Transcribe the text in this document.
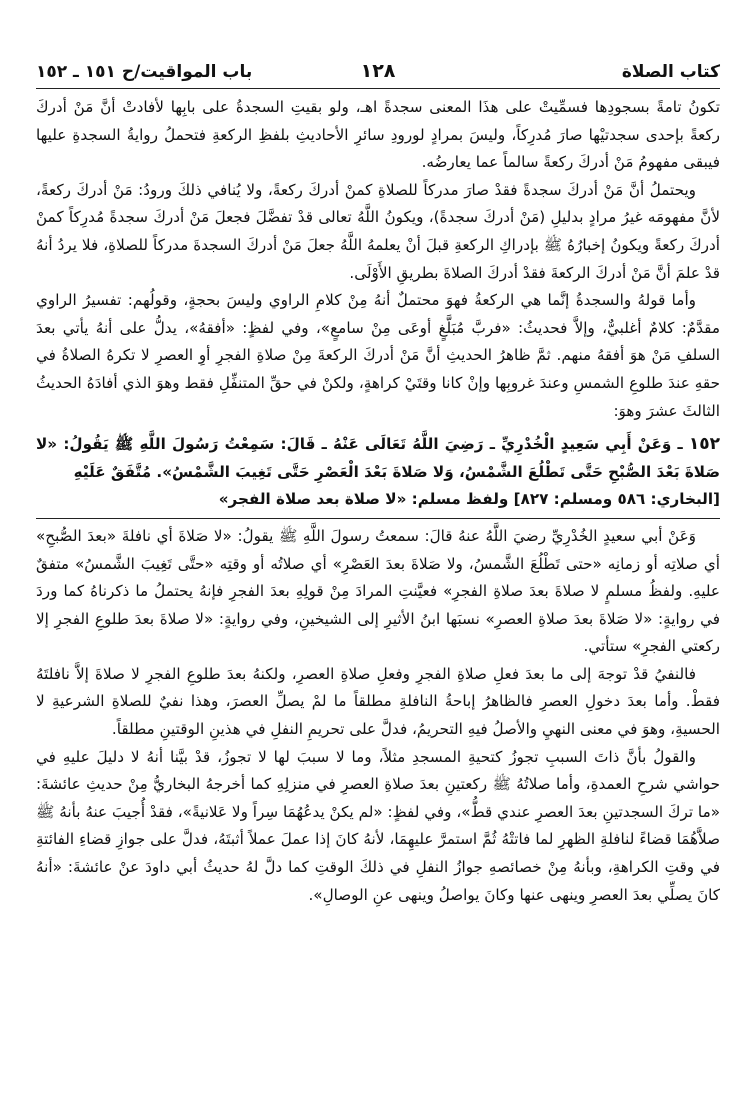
كتاب الصلاة
١٢٨
باب المواقيت/ح ١٥١ ـ ١٥٢

تكونُ تامةً بسجودِها فسمِّيتْ على هذَا المعنى سجدةً اهـ، ولو بقيتِ السجدةُ على بابِها لأفادتْ أنَّ مَنْ أدركَ ركعةً بإحدى سجدتيْها صارَ مُدرِكاً، وليسَ بمرادٍ لورودِ سائرِ الأحاديثِ بلفظِ الركعةِ فتحملُ روايةُ السجدةِ عليها فيبقى مفهومُ مَنْ أدركَ ركعةً سالماً عما يعارضُه.

ويحتملُ أنَّ مَنْ أدركَ سجدةً فقدْ صارَ مدركاً للصلاةِ كمنْ أدركَ ركعةً، ولا يُنافي ذلكَ ورودُ: مَنْ أدركَ ركعةً، لأنَّ مفهومَه غيرُ مرادٍ بدليلِ (مَنْ أدركَ سجدةً)، ويكونُ اللَّهُ تعالى قدْ تفضَّلَ فجعلَ مَنْ أدركَ سجدةً مُدرِكاً كمنْ أدركَ ركعةً ويكونُ إخبارُهُ ﷺ بإدراكِ الركعةِ قبلَ أنْ يعلمهُ اللَّهُ جعلَ مَنْ أدركَ السجدةَ مدركاً للصلاةِ، فلا يردُ أنهُ قدْ علمَ أنَّ مَنْ أدركَ الركعةَ فقدْ أدركَ الصلاةَ بطريقِ الأَوْلَى.

وأما قولهُ والسجدةُ إنَّما هي الركعةُ فهوَ محتملٌ أنهُ مِنْ كلامِ الراوي وليسَ بحجةٍ، وقولُهم: تفسيرُ الراوي مقدَّمٌ: كلامٌ أغلبيٌّ، وإلاَّ فحديثُ: «فربَّ مُبَلَّغٍ أوعَى مِنْ سامعٍ»، وفي لفظٍ: «أفقهُ»، يدلُّ على أنهُ يأتي بعدَ السلفِ مَنْ هوَ أفقهُ منهم. ثمَّ ظاهرُ الحديثِ أنَّ مَنْ أدركَ الركعةَ مِنْ صلاةِ الفجرِ أوِ العصرِ لا تكرهُ الصلاةُ في حقهِ عندَ طلوعِ الشمسِ وعندَ غروبِها وإنْ كانا وقتَيْ كراهةٍ، ولكنْ في حقِّ المتنفِّلِ فقط وهوَ الذي أفادَهُ الحديثُ الثالثَ عشرَ وهوَ:

١٥٢ ـ وَعَنْ أَبِي سَعِيدٍ الْخُدْرِيِّ ـ رَضِيَ اللَّهُ تَعَالَى عَنْهُ ـ قَالَ: سَمِعْتُ رَسُولَ اللَّهِ ﷺ يَقُولُ: «لا صَلاةَ بَعْدَ الصُّبْحِ حَتَّى تَطْلُعَ الشَّمْسُ، وَلا صَلاةَ بَعْدَ الْعَصْرِ حَتَّى تَغِيبَ الشَّمْسُ». مُتَّفَقٌ عَلَيْهِ

[البخاري: ٥٨٦ ومسلم: ٨٢٧] ولفظ مسلم: «لا صلاة بعد صلاة الفجر»

وَعَنْ أبي سعيدٍ الخُدْرِيِّ رضيَ اللَّهُ عنهُ قالَ: سمعتُ رسولَ اللَّهِ ﷺ يقولُ: «لا صَلاةَ أي نافلةَ «بعدَ الصُّبحِ» أي صلاتِه أو زمانِه «حتى تَطْلُعَ الشَّمسُ، ولا صَلاةَ بعدَ العَصْرِ» أي صلاتُه أو وقتِه «حتَّى تَغِيبَ الشَّمسُ» متفقٌ عليهِ. ولفظُ مسلمٍ لا صلاةَ بعدَ صلاةِ الفجرِ» فعيَّنتِ المرادَ مِنْ قولِهِ بعدَ الفجرِ فإنهُ يحتملُ ما ذكرناهُ كما وردَ في روايةٍ: «لا صَلاةَ بعدَ صلاةِ العصرِ» نسبَها ابنُ الأثيرِ إلى الشيخينِ، وفي روايةٍ: «لا صلاةَ بعدَ طلوعِ الفجرِ إلا ركعتي الفجرِ» ستأتي.

فالنفيُ قدْ توجهَ إلى ما بعدَ فعلِ صلاةِ الفجرِ وفعلِ صلاةِ العصرِ، ولكنهُ بعدَ طلوعِ الفجرِ لا صلاةَ إلاَّ نافلتَهُ فقطْ. وأما بعدَ دخولِ العصرِ فالظاهرُ إباحةُ النافلةِ مطلقاً ما لمْ يصلِّ العصرَ، وهذا نفيٌ للصلاةِ الشرعيةِ لا الحسيةِ، وهوَ في معنى النهيِ والأصلُ فيهِ التحريمُ، فدلَّ على تحريمِ النفلِ في هذينِ الوقتينِ مطلقاً.

والقولُ بأنَّ ذاتَ السببِ تجوزُ كتحيةِ المسجدِ مثلاً، وما لا سببَ لها لا تجوزُ، قدْ بيَّنا أنهُ لا دليلَ عليهِ في حواشي شرحِ العمدةِ، وأما صلاتُهُ ﷺ ركعتينِ بعدَ صلاةِ العصرِ في منزلِهِ كما أخرجهُ البخاريُّ مِنْ حديثِ عائشةَ: «ما تركَ السجدتينِ بعدَ العصرِ عندي قطُّ»، وفي لفظٍ: «لم يكنْ يدعُهُمَا سِراً ولا عَلانيةً»، فقدْ أُجيبَ عنهُ بأنهُ ﷺ صلاَّهُمَا قضاءً لنافلةِ الظهرِ لما فاتتْهُ ثُمَّ استمرَّ عليهِمَا، لأنهُ كانَ إذا عملَ عملاً أثبتَهُ، فدلَّ على جوازِ قضاءِ الفائتةِ في وقتِ الكراهةِ، وبأنهُ مِنْ خصائصهِ جوازُ النفلِ في ذلكَ الوقتِ كما دلَّ لهُ حديثُ أبي داودَ عنْ عائشةَ: «أنهُ كانَ يصلِّي بعدَ العصرِ وينهى عنها وكانَ يواصلُ وينهى عنِ الوصالِ».
